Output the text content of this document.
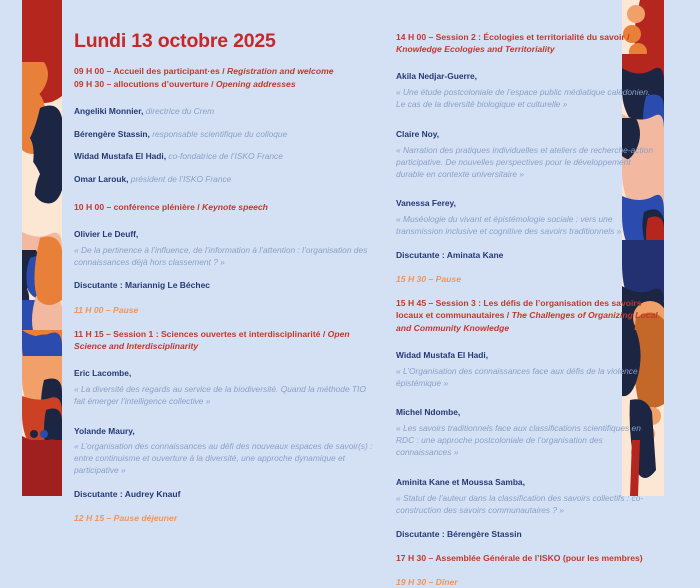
Lundi 13 octobre 2025

09 H 00 – Accueil des participant·es / Registration and welcome

09 H 30 – allocutions d’ouverture / Opening addresses

Angeliki Monnier, directrice du Crem

Bérengère Stassin, responsable scientifique du colloque

Widad Mustafa El Hadi, co-fondatrice de l’ISKO France

Omar Larouk, président de l’ISKO France

10 H 00 – conférence plénière / Keynote speech

Olivier Le Deuff,
« De la pertinence à l’influence, de l’information à l’attention : l’organisation des connaissances déjà hors classement ? »

Discutante : Mariannig Le Béchec

11 H 00 – Pause

11 H 15 – Session 1 : Sciences ouvertes et interdisciplinarité / Open Science and Interdisciplinarity

Eric Lacombe,
« La diversité des regards au service de la biodiversité. Quand la méthode TIO fait émerger l’intelligence collective »

Yolande Maury,
« L’organisation des connaissances au défi des nouveaux espaces de savoir(s) : entre continuisme et ouverture à la diversité, une approche dynamique et participative »

Discutante : Audrey Knauf

12 H 15 – Pause déjeuner

14 H 00 – Session 2 : Écologies et territorialité du savoir / Knowledge Ecologies and Territoriality

Akila Nedjar-Guerre,
« Une étude postcoloniale de l’espace public médiatique calédonien. Le cas de la diversité biologique et culturelle »

Claire Noy,
« Narration des pratiques individuelles et ateliers de recherche-action participative. De nouvelles perspectives pour le développement durable en contexte universitaire »

Vanessa Ferey,
« Muséologie du vivant et épistémologie sociale : vers une transmission inclusive et cognitive des savoirs traditionnels »

Discutante : Aminata Kane

15 H 30 – Pause

15 H 45 – Session 3 : Les défis de l’organisation des savoirs locaux et communautaires / The Challenges of Organizing Local and Community Knowledge

Widad Mustafa El Hadi,
« L’Organisation des connaissances face aux défis de la violence épistémique »

Michel Ndombe,
« Les savoirs traditionnels face aux classifications scientifiques en RDC : une approche postcoloniale de l’organisation des connaissances »

Aminita Kane et Moussa Samba,
« Statut de l’auteur dans la classification des savoirs collectifs : co-construction des savoirs communautaires ? »

Discutante : Bérengère Stassin

17 H 30 – Assemblée Générale de l’ISKO (pour les membres)

19 H 30 – Dîner
